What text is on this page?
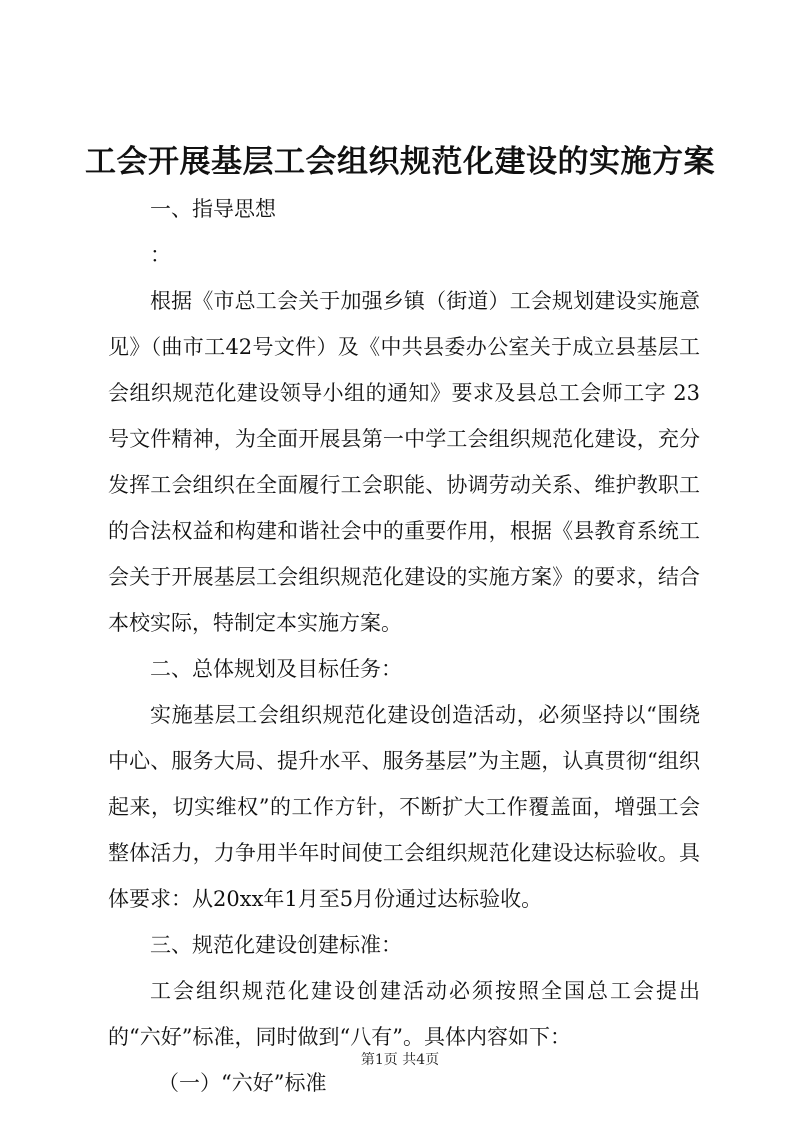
工会开展基层工会组织规范化建设的实施方案

一、指导思想

：

根据《市总工会关于加强乡镇（街道）工会规划建设实施意见》（曲市工42号文件）及《中共县委办公室关于成立县基层工会组织规范化建设领导小组的通知》要求及县总工会师工字 23号文件精神，为全面开展县第一中学工会组织规范化建设，充分发挥工会组织在全面履行工会职能、协调劳动关系、维护教职工的合法权益和构建和谐社会中的重要作用，根据《县教育系统工会关于开展基层工会组织规范化建设的实施方案》的要求，结合本校实际，特制定本实施方案。

二、总体规划及目标任务：

实施基层工会组织规范化建设创造活动，必须坚持以“围绕中心、服务大局、提升水平、服务基层”为主题，认真贯彻“组织起来，切实维权”的工作方针，不断扩大工作覆盖面，增强工会整体活力，力争用半年时间使工会组织规范化建设达标验收。具体要求：从20xx年1月至5月份通过达标验收。

三、规范化建设创建标准：

工会组织规范化建设创建活动必须按照全国总工会提出的“六好”标准，同时做到“八有”。具体内容如下：

（一）“六好”标准

第1页 共4页
